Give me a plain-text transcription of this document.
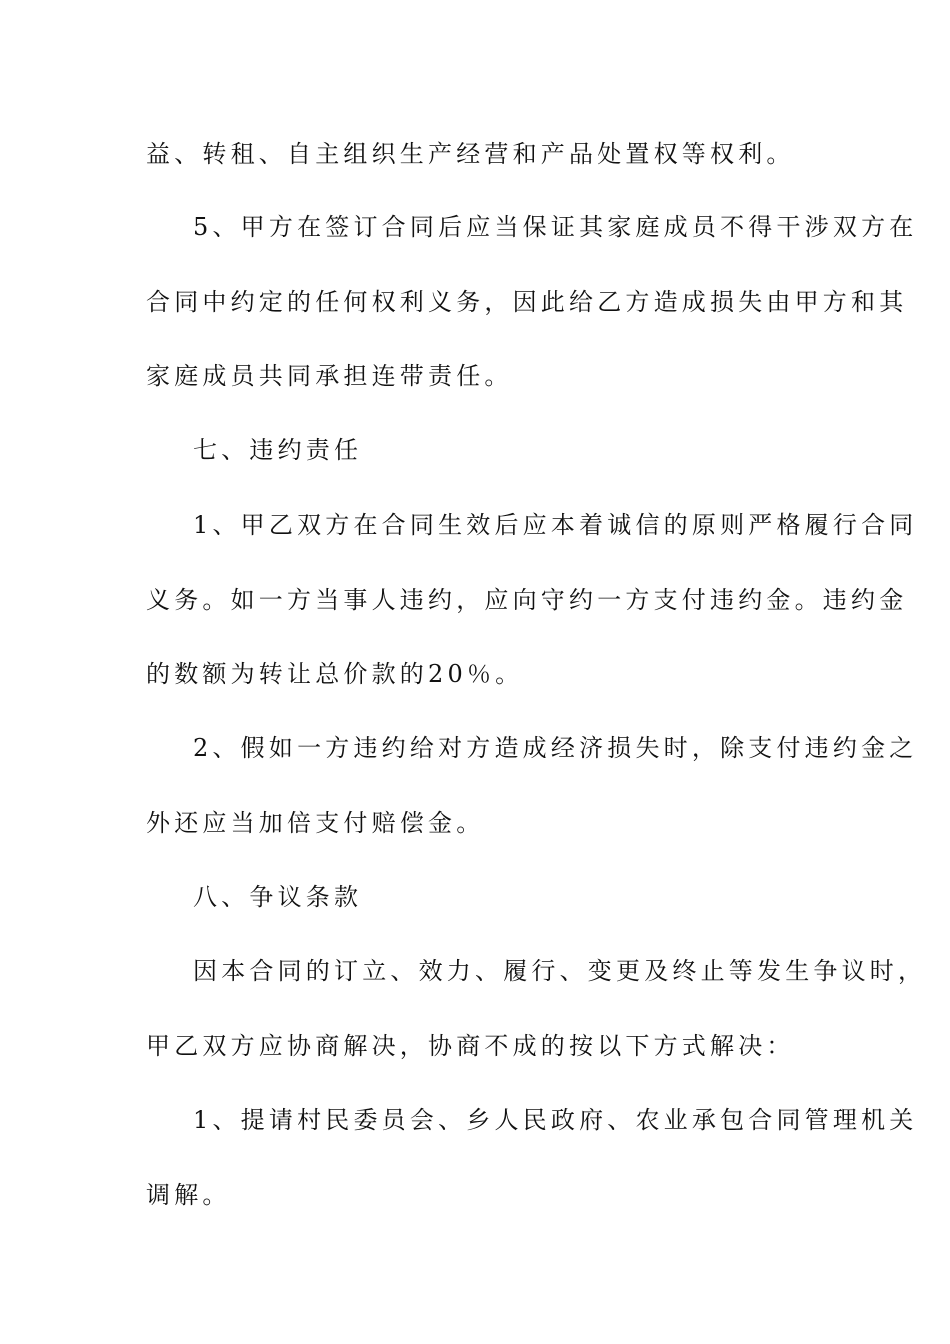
益、转租、自主组织生产经营和产品处置权等权利。
5、甲方在签订合同后应当保证其家庭成员不得干涉双方在
合同中约定的任何权利义务，因此给乙方造成损失由甲方和其
家庭成员共同承担连带责任。
七、违约责任
1、甲乙双方在合同生效后应本着诚信的原则严格履行合同
义务。如一方当事人违约，应向守约一方支付违约金。违约金
的数额为转让总价款的20％。
2、假如一方违约给对方造成经济损失时，除支付违约金之
外还应当加倍支付赔偿金。
八、争议条款
因本合同的订立、效力、履行、变更及终止等发生争议时，
甲乙双方应协商解决，协商不成的按以下方式解决：
1、提请村民委员会、乡人民政府、农业承包合同管理机关
调解。
